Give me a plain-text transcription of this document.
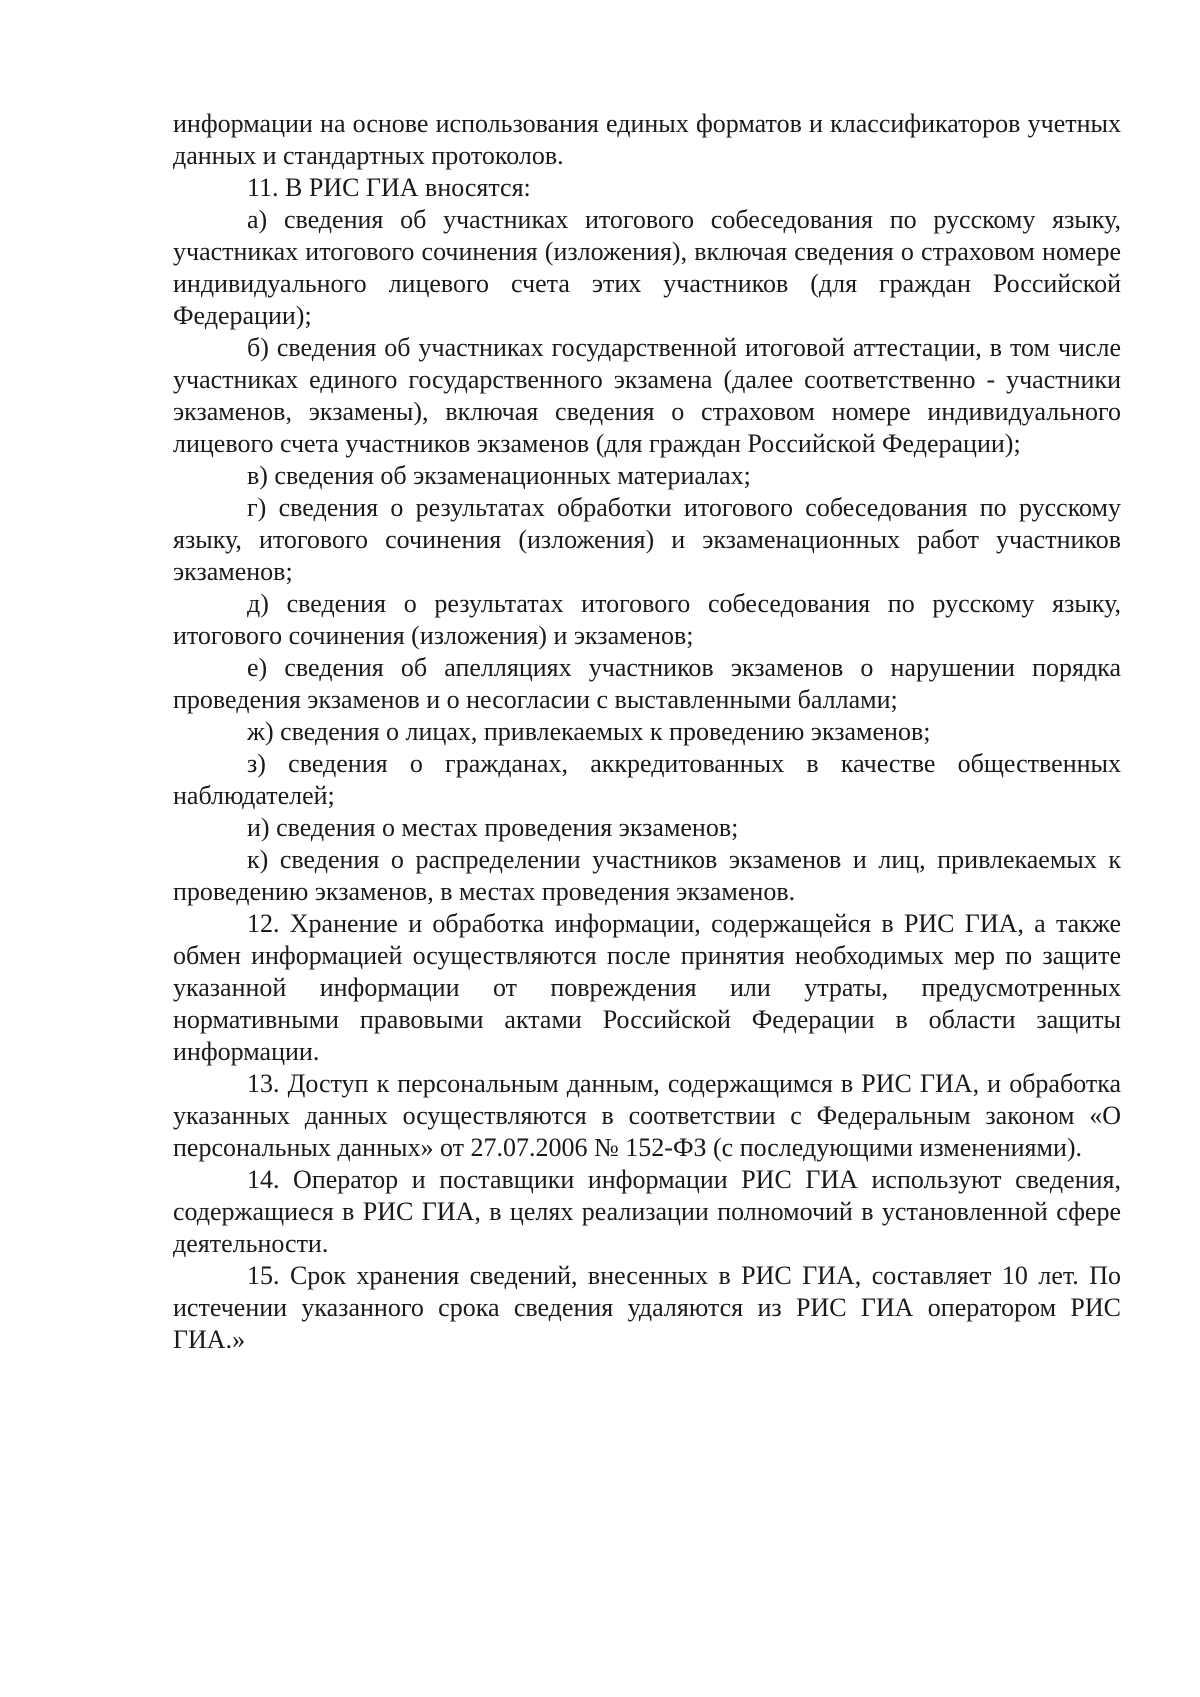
информации на основе использования единых форматов и классификаторов учетных данных и стандартных протоколов.

11. В РИС ГИА вносятся:

а) сведения об участниках итогового собеседования по русскому языку, участниках итогового сочинения (изложения), включая сведения о страховом номере индивидуального лицевого счета этих участников (для граждан Российской Федерации);

б) сведения об участниках государственной итоговой аттестации, в том числе участниках единого государственного экзамена (далее соответственно - участники экзаменов, экзамены), включая сведения о страховом номере индивидуального лицевого счета участников экзаменов (для граждан Российской Федерации);

в) сведения об экзаменационных материалах;

г) сведения о результатах обработки итогового собеседования по русскому языку, итогового сочинения (изложения) и экзаменационных работ участников экзаменов;

д) сведения о результатах итогового собеседования по русскому языку, итогового сочинения (изложения) и экзаменов;

е) сведения об апелляциях участников экзаменов о нарушении порядка проведения экзаменов и о несогласии с выставленными баллами;

ж) сведения о лицах, привлекаемых к проведению экзаменов;

з) сведения о гражданах, аккредитованных в качестве общественных наблюдателей;

и) сведения о местах проведения экзаменов;

к) сведения о распределении участников экзаменов и лиц, привлекаемых к проведению экзаменов, в местах проведения экзаменов.

12. Хранение и обработка информации, содержащейся в РИС ГИА, а также обмен информацией осуществляются после принятия необходимых мер по защите указанной информации от повреждения или утраты, предусмотренных нормативными правовыми актами Российской Федерации в области защиты информации.

13. Доступ к персональным данным, содержащимся в РИС ГИА, и обработка указанных данных осуществляются в соответствии с Федеральным законом «О персональных данных» от 27.07.2006 № 152-ФЗ (с последующими изменениями).

14. Оператор и поставщики информации РИС ГИА используют сведения, содержащиеся в РИС ГИА, в целях реализации полномочий в установленной сфере деятельности.

15. Срок хранения сведений, внесенных в РИС ГИА, составляет 10 лет. По истечении указанного срока сведения удаляются из РИС ГИА оператором РИС ГИА.»
